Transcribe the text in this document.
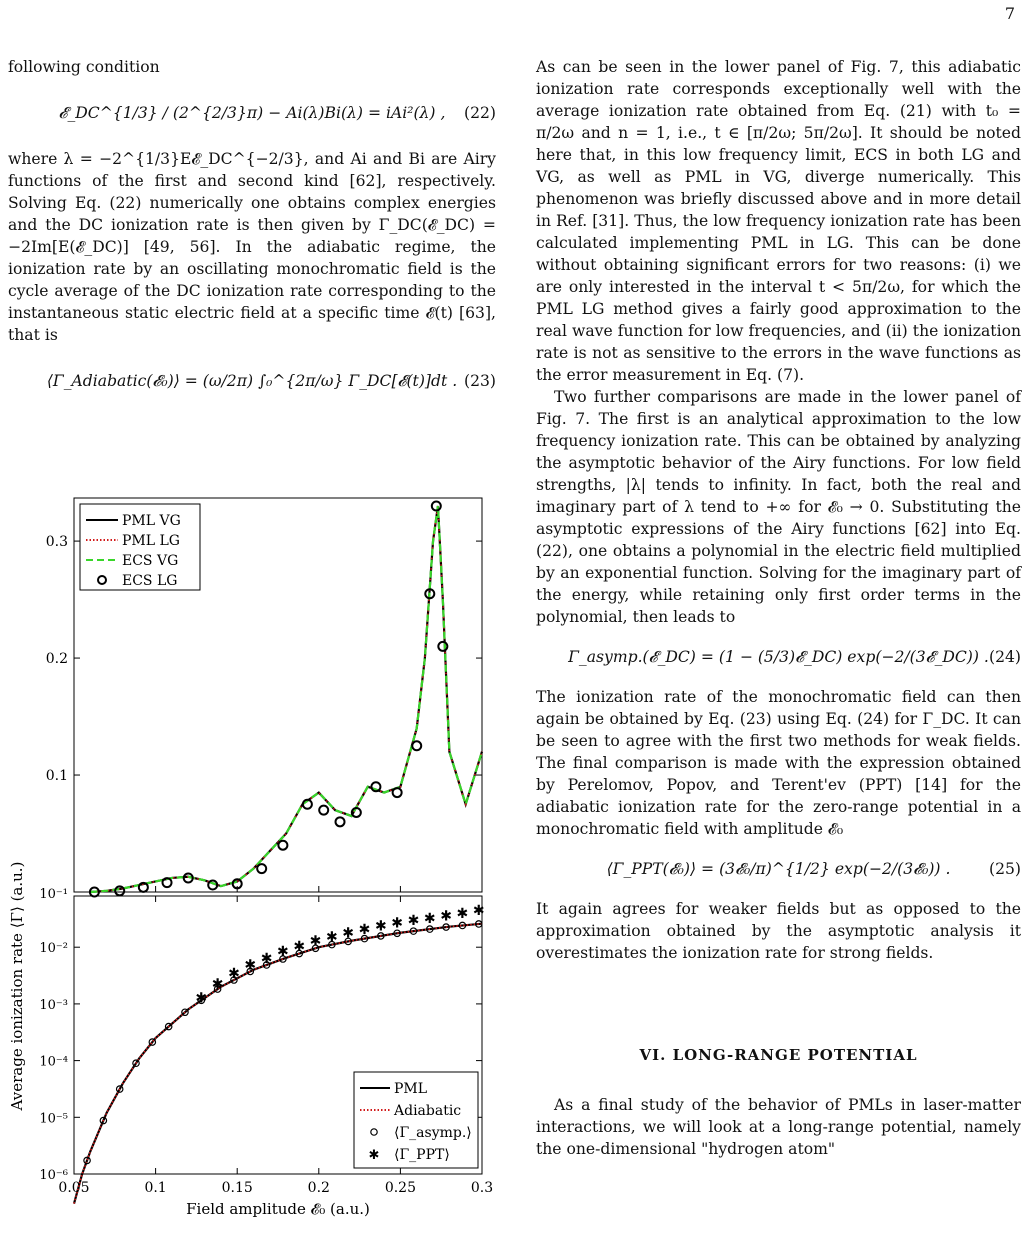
7

following condition

𝓔_DC^{1/3} / (2^{2/3}π) − Ai(λ)Bi(λ) = iAi²(λ) , (22)

where λ = −2^{1/3}E𝓔_DC^{−2/3}, and Ai and Bi are Airy functions of the first and second kind [62], respectively. Solving Eq. (22) numerically one obtains complex energies and the DC ionization rate is then given by Γ_DC(𝓔_DC) = −2Im[E(𝓔_DC)] [49, 56]. In the adiabatic regime, the ionization rate by an oscillating monochromatic field is the cycle average of the DC ionization rate corresponding to the instantaneous static electric field at a specific time 𝓔(t) [63], that is

⟨Γ_Adiabatic(𝓔₀)⟩ = (ω/2π) ∫₀^{2π/ω} Γ_DC[𝓔(t)]dt . (23)

As can be seen in the lower panel of Fig. 7, this adiabatic ionization rate corresponds exceptionally well with the average ionization rate obtained from Eq. (21) with t₀ = π/2ω and n = 1, i.e., t ∈ [π/2ω; 5π/2ω]. It should be noted here that, in this low frequency limit, ECS in both LG and VG, as well as PML in VG, diverge numerically. This phenomenon was briefly discussed above and in more detail in Ref. [31]. Thus, the low frequency ionization rate has been calculated implementing PML in LG. This can be done without obtaining significant errors for two reasons: (i) we are only interested in the interval t < 5π/2ω, for which the PML LG method gives a fairly good approximation to the real wave function for low frequencies, and (ii) the ionization rate is not as sensitive to the errors in the wave functions as the error measurement in Eq. (7).

Two further comparisons are made in the lower panel of Fig. 7. The first is an analytical approximation to the low frequency ionization rate. This can be obtained by analyzing the asymptotic behavior of the Airy functions. For low field strengths, |λ| tends to infinity. In fact, both the real and imaginary part of λ tend to +∞ for 𝓔₀ → 0. Substituting the asymptotic expressions of the Airy functions [62] into Eq. (22), one obtains a polynomial in the electric field multiplied by an exponential function. Solving for the imaginary part of the energy, while retaining only first order terms in the polynomial, then leads to

Γ_asymp.(𝓔_DC) = (1 − (5/3)𝓔_DC) exp(−2/(3𝓔_DC)) . (24)

The ionization rate of the monochromatic field can then again be obtained by Eq. (23) using Eq. (24) for Γ_DC. It can be seen to agree with the first two methods for weak fields. The final comparison is made with the expression obtained by Perelomov, Popov, and Terent'ev (PPT) [14] for the adiabatic ionization rate for the zero-range potential in a monochromatic field with amplitude 𝓔₀

⟨Γ_PPT(𝓔₀)⟩ = (3𝓔₀/π)^{1/2} exp(−2/(3𝓔₀)) . (25)

It again agrees for weaker fields but as opposed to the approximation obtained by the asymptotic analysis it overestimates the ionization rate for strong fields.

VI. LONG-RANGE POTENTIAL

As a final study of the behavior of PMLs in laser-matter interactions, we will look at a long-range potential, namely the one-dimensional "hydrogen atom"

0.1
0.2
0.3
10⁻¹
0.05	0.1	0.15	0.2	0.25	0.3
10⁻⁶
10⁻⁵
10⁻⁴
10⁻³
10⁻²
Field amplitude 𝓔₀ (a.u.)
Average ionization rate ⟨Γ⟩ (a.u.)
PML VG
PML LG
ECS VG
ECS LG
✱
✱
✱
✱ ✱ ✱ ✱ ✱ ✱ ✱ ✱ ✱ ✱ ✱ ✱ ✱ ✱ ✱
PML
Adiabatic
⟨Γ_asymp.⟩
✱ ⟨Γ_PPT⟩
